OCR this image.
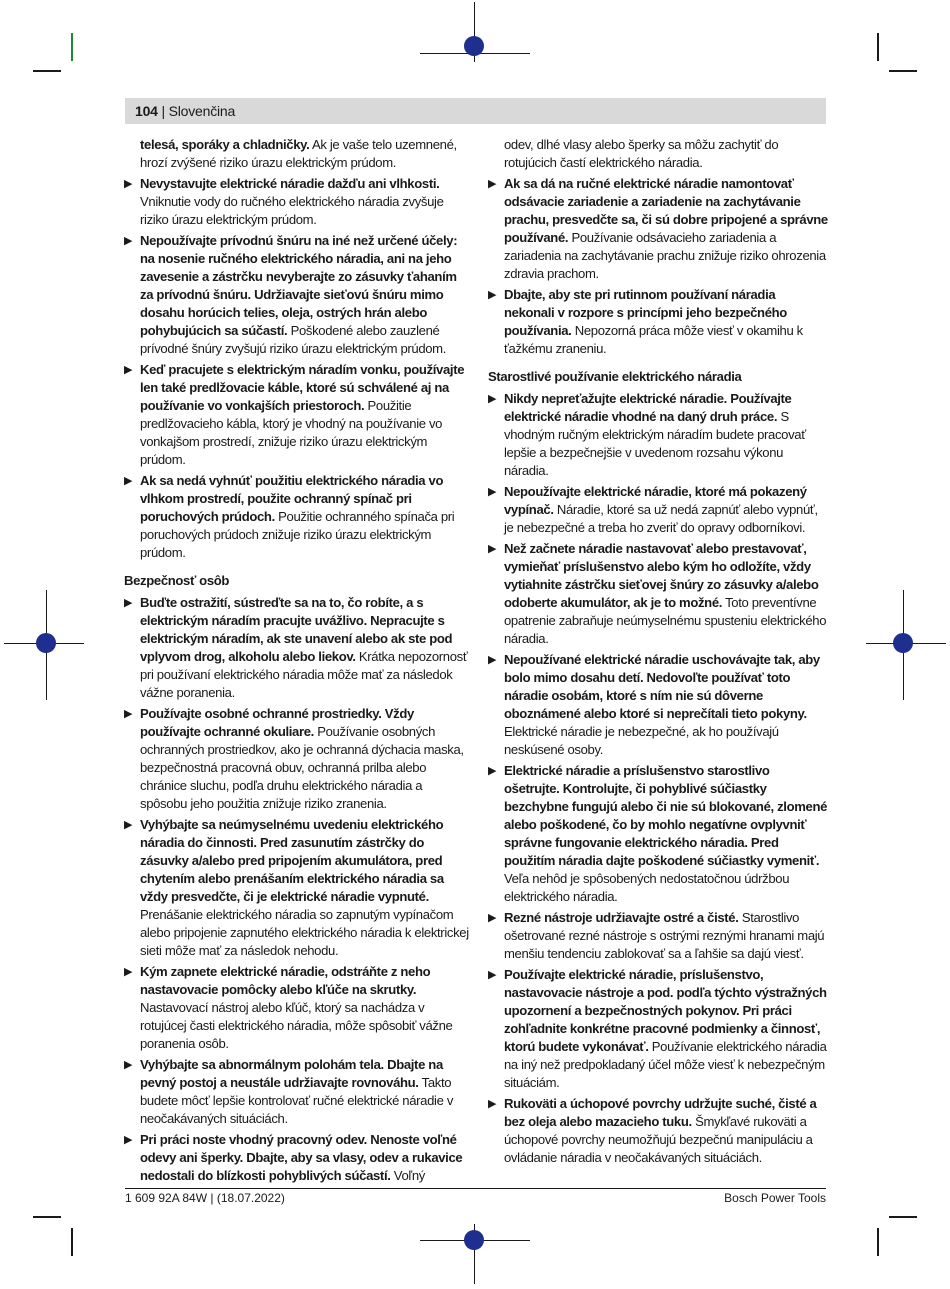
104 | Slovenčina
telesá, sporáky a chladničky. Ak je vaše telo uzemnené, hrozí zvýšené riziko úrazu elektrickým prúdom.
▶ Nevystavujte elektrické náradie dažďu ani vlhkosti. Vniknutie vody do ručného elektrického náradia zvyšuje riziko úrazu elektrickým prúdom.
▶ Nepoužívajte prívodnú šnúru na iné než určené účely: na nosenie ručného elektrického náradia, ani na jeho zavesenie a zástrčku nevyberajte zo zásuvky ťahaním za prívodnú šnúru. Udržiavajte sieťovú šnúru mimo dosahu horúcich telies, oleja, ostrých hrán alebo pohybujúcich sa súčastí. Poškodené alebo zauzlené prívodné šnúry zvyšujú riziko úrazu elektrickým prúdom.
▶ Keď pracujete s elektrickým náradím vonku, používajte len také predlžovacie káble, ktoré sú schválené aj na používanie vo vonkajších priestoroch. Použitie predlžovacieho kábla, ktorý je vhodný na používanie vo vonkajšom prostredí, znižuje riziko úrazu elektrickým prúdom.
▶ Ak sa nedá vyhnúť použitiu elektrického náradia vo vlhkom prostredí, použite ochranný spínač pri poruchových prúdoch. Použitie ochranného spínača pri poruchových prúdoch znižuje riziko úrazu elektrickým prúdom.
Bezpečnosť osôb
▶ Buďte ostražití, sústreďte sa na to, čo robíte, a s elektrickým náradím pracujte uvážlivo. Nepracujte s elektrickým náradím, ak ste unavení alebo ak ste pod vplyvom drog, alkoholu alebo liekov. Krátka nepozornosť pri používaní elektrického náradia môže mať za následok vážne poranenia.
▶ Používajte osobné ochranné prostriedky. Vždy používajte ochranné okuliare. Používanie osobných ochranných prostriedkov, ako je ochranná dýchacia maska, bezpečnostná pracovná obuv, ochranná prilba alebo chránice sluchu, podľa druhu elektrického náradia a spôsobu jeho použitia znižuje riziko zranenia.
▶ Vyhýbajte sa neúmyselnému uvedeniu elektrického náradia do činnosti. Pred zasunutím zástrčky do zásuvky a/alebo pred pripojením akumulátora, pred chytením alebo prenášaním elektrického náradia sa vždy presvedčte, či je elektrické náradie vypnuté. Prenášanie elektrického náradia so zapnutým vypínačom alebo pripojenie zapnutého elektrického náradia k elektrickej sieti môže mať za následok nehodu.
▶ Kým zapnete elektrické náradie, odstráňte z neho nastavovacie pomôcky alebo kľúče na skrutky. Nastavovací nástroj alebo kľúč, ktorý sa nachádza v rotujúcej časti elektrického náradia, môže spôsobiť vážne poranenia osôb.
▶ Vyhýbajte sa abnormálnym polohám tela. Dbajte na pevný postoj a neustále udržiavajte rovnováhu. Takto budete môcť lepšie kontrolovať ručné elektrické náradie v neočakávaných situáciách.
▶ Pri práci noste vhodný pracovný odev. Nenoste voľné odevy ani šperky. Dbajte, aby sa vlasy, odev a rukavice nedostali do blízkosti pohyblivých súčastí. Voľný
odev, dlhé vlasy alebo šperky sa môžu zachytiť do rotujúcich častí elektrického náradia.
▶ Ak sa dá na ručné elektrické náradie namontovať odsávacie zariadenie a zariadenie na zachytávanie prachu, presvedčte sa, či sú dobre pripojené a správne používané. Používanie odsávacieho zariadenia a zariadenia na zachytávanie prachu znižuje riziko ohrozenia zdravia prachom.
▶ Dbajte, aby ste pri rutinnom používaní náradia nekonali v rozpore s princípmi jeho bezpečného používania. Nepozorná práca môže viesť v okamihu k ťažkému zraneniu.
Starostlivé používanie elektrického náradia
▶ Nikdy nepreťažujte elektrické náradie. Používajte elektrické náradie vhodné na daný druh práce. S vhodným ručným elektrickým náradím budete pracovať lepšie a bezpečnejšie v uvedenom rozsahu výkonu náradia.
▶ Nepoužívajte elektrické náradie, ktoré má pokazený vypínač. Náradie, ktoré sa už nedá zapnúť alebo vypnúť, je nebezpečné a treba ho zveriť do opravy odborníkovi.
▶ Než začnete náradie nastavovať alebo prestavovať, vymieňať príslušenstvo alebo kým ho odložíte, vždy vytiahnite zástrčku sieťovej šnúry zo zásuvky a/alebo odoberte akumulátor, ak je to možné. Toto preventívne opatrenie zabraňuje neúmyselnému spusteniu elektrického náradia.
▶ Nepoužívané elektrické náradie uschovávajte tak, aby bolo mimo dosahu detí. Nedovoľte používať toto náradie osobám, ktoré s ním nie sú dôverne oboznámené alebo ktoré si neprečítali tieto pokyny. Elektrické náradie je nebezpečné, ak ho používajú neskúsené osoby.
▶ Elektrické náradie a príslušenstvo starostlivo ošetrujte. Kontrolujte, či pohyblivé súčiastky bezchybne fungujú alebo či nie sú blokované, zlomené alebo poškodené, čo by mohlo negatívne ovplyvniť správne fungovanie elektrického náradia. Pred použitím náradia dajte poškodené súčiastky vymeniť. Veľa nehôd je spôsobených nedostatočnou údržbou elektrického náradia.
▶ Rezné nástroje udržiavajte ostré a čisté. Starostlivo ošetrované rezné nástroje s ostrými reznými hranami majú menšiu tendenciu zablokovať sa a ľahšie sa dajú viesť.
▶ Používajte elektrické náradie, príslušenstvo, nastavovacie nástroje a pod. podľa týchto výstražných upozornení a bezpečnostných pokynov. Pri práci zohľadnite konkrétne pracovné podmienky a činnosť, ktorú budete vykonávať. Používanie elektrického náradia na iný než predpokladaný účel môže viesť k nebezpečným situáciám.
▶ Rukoväti a úchopové povrchy udržujte suché, čisté a bez oleja alebo mazacieho tuku. Šmykľavé rukoväti a úchopové povrchy neumožňujú bezpečnú manipuláciu a ovládanie náradia v neočakávaných situáciách.
1 609 92A 84W | (18.07.2022)	Bosch Power Tools
